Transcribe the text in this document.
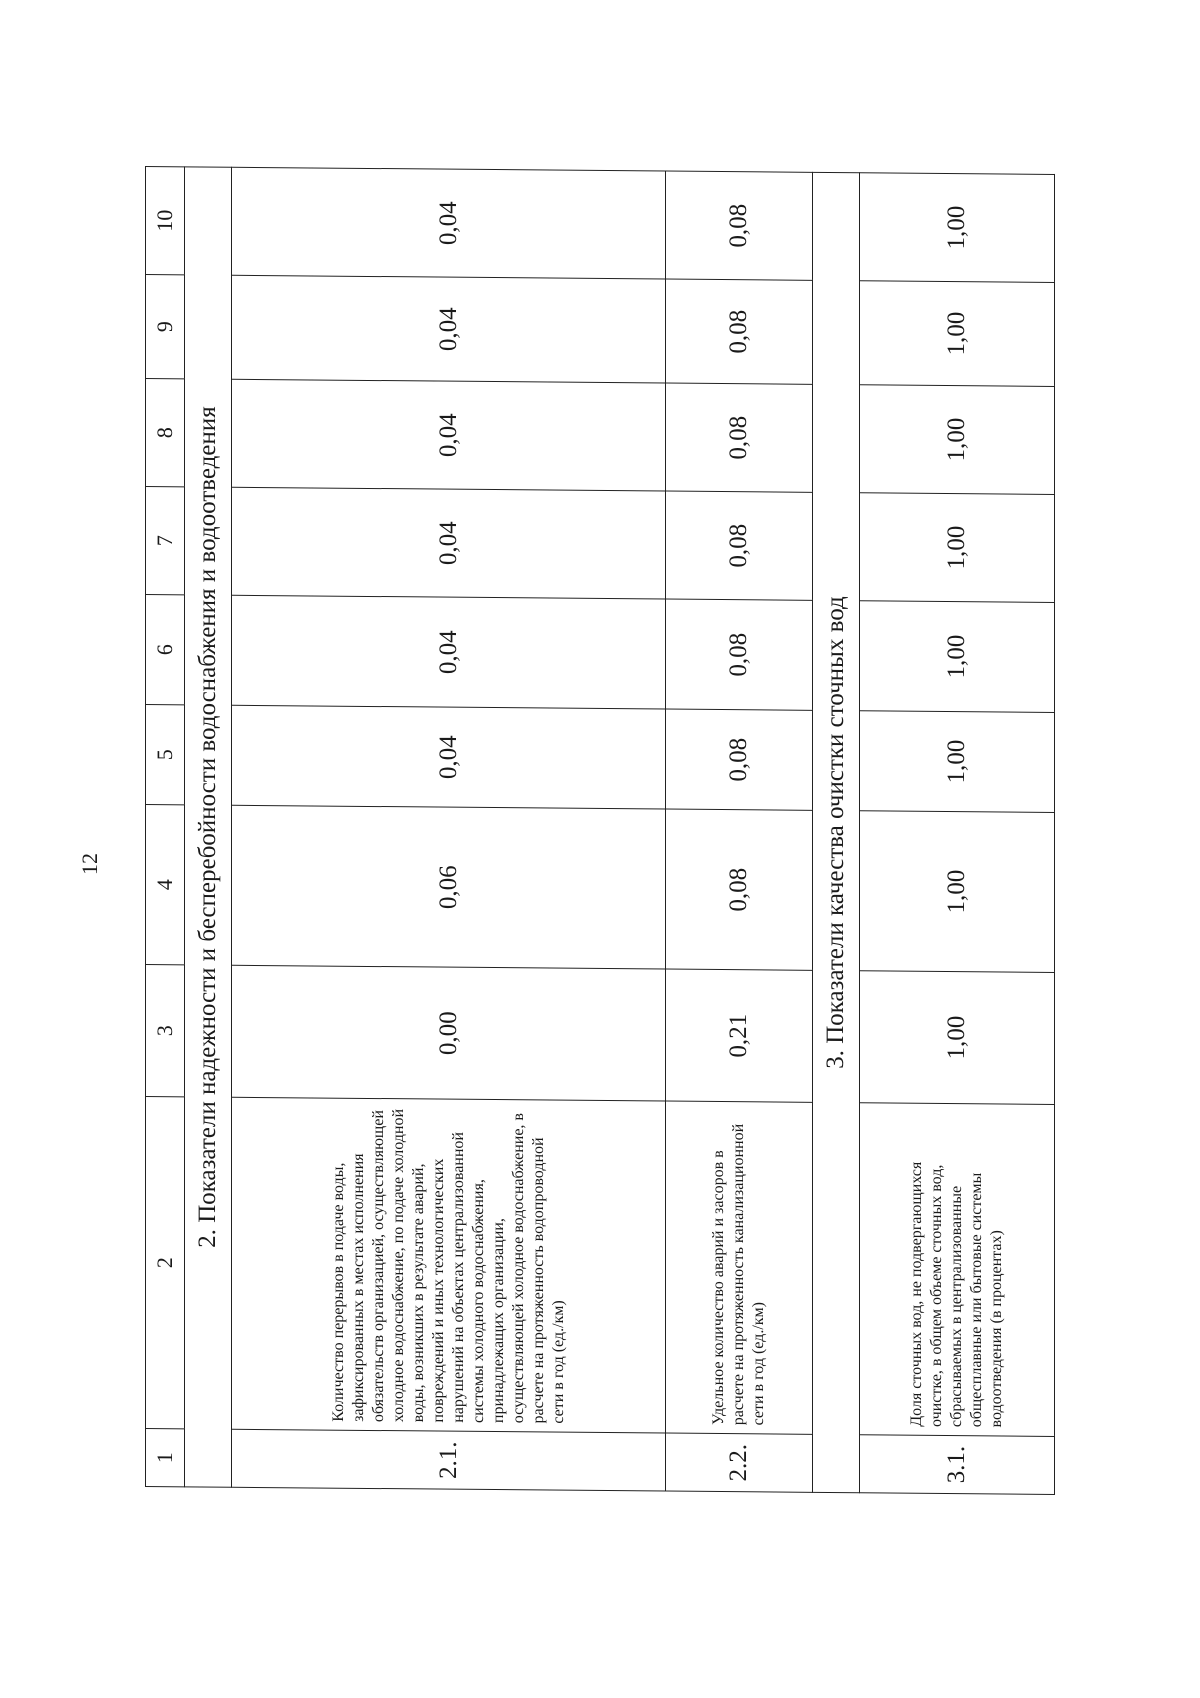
12
1	2	3	4	5	6	7	8	9	10
2. Показатели надежности и бесперебойности водоснабжения и водоотведения									
2.1.	Количество перерывов в подаче воды, зафиксированных в местах исполнения обязательств организацией, осуществляющей холодное водоснабжение, по подаче холодной воды, возникших в результате аварий, повреждений и иных технологических нарушений на объектах централизованной системы холодного водоснабжения, принадлежащих организации, осуществляющей холодное водоснабжение, в расчете на протяженность водопроводной сети в год (ед./км)	0,00	0,06	0,04	0,04	0,04	0,04	0,04	0,04
2.2.	Удельное количество аварий и засоров в расчете на протяженность канализационной сети в год (ед./км)	0,21	0,08	0,08	0,08	0,08	0,08	0,08	0,08
3. Показатели качества очистки сточных вод									
3.1.	Доля сточных вод, не подвергающихся очистке, в общем объеме сточных вод, сбрасываемых в централизованные общесплавные или бытовые системы водоотведения (в процентах)	1,00	1,00	1,00	1,00	1,00	1,00	1,00	1,00
